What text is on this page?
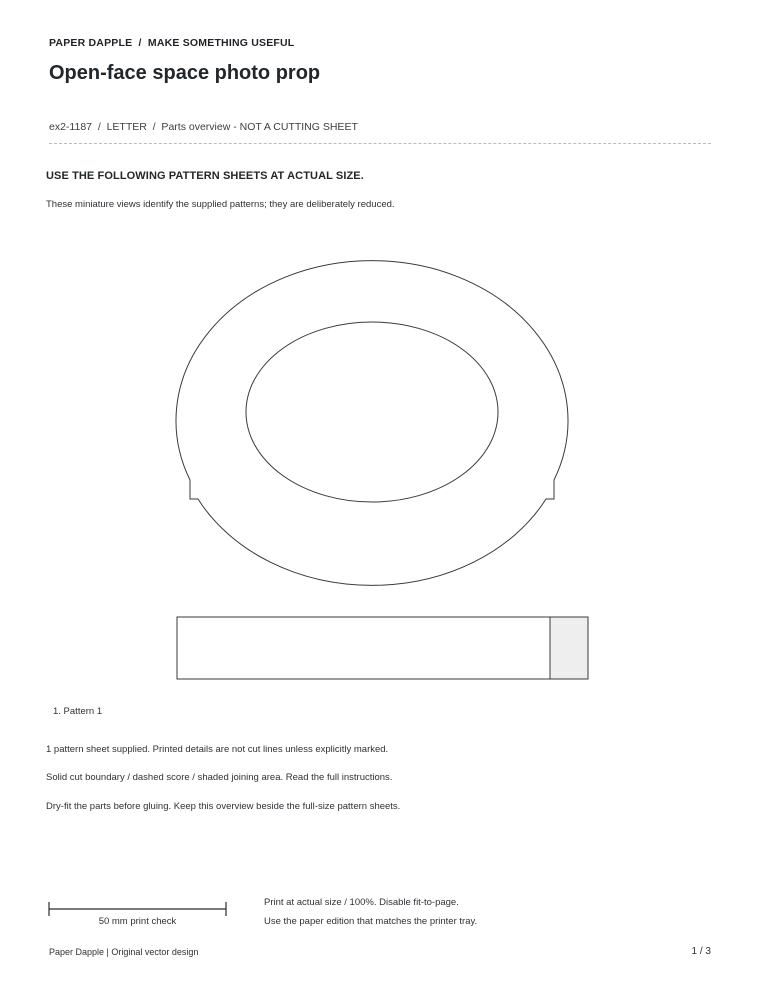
PAPER DAPPLE  /  MAKE SOMETHING USEFUL
Open-face space photo prop
ex2-1187  /  LETTER  /  Parts overview - NOT A CUTTING SHEET
USE THE FOLLOWING PATTERN SHEETS AT ACTUAL SIZE.
These miniature views identify the supplied patterns; they are deliberately reduced.
1. Pattern 1
1 pattern sheet supplied. Printed details are not cut lines unless explicitly marked.
Solid cut boundary / dashed score / shaded joining area. Read the full instructions.
Dry-fit the parts before gluing. Keep this overview beside the full-size pattern sheets.
50 mm print check
Print at actual size / 100%. Disable fit-to-page.
Use the paper edition that matches the printer tray.
Paper Dapple | Original vector design	1 / 3
